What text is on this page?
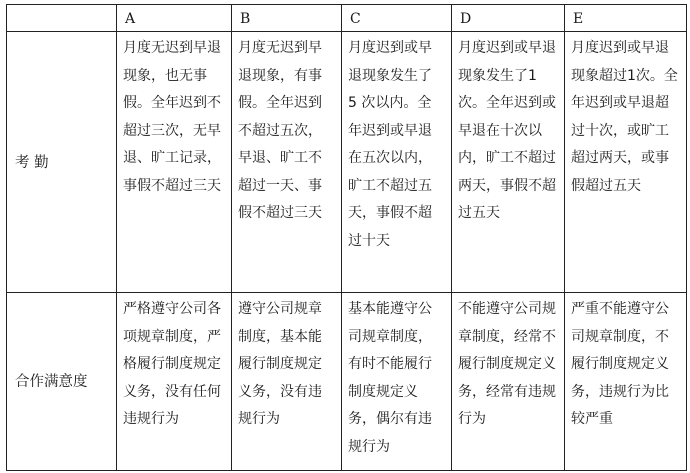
	A	B	C	D	E
考 勤	月度无迟到早退现象，也无事假。全年迟到不超过三次，无早退、旷工记录，事假不超过三天	月度无迟到早退现象，有事假。全年迟到不超过五次，早退、旷工不超过一天、事假不超过三天	月度迟到或早退现象发生了 5 次以内。全年迟到或早退在五次以内，旷工不超过五天，事假不超过十天	月度迟到或早退现象发生了1次。全年迟到或早退在十次以内，旷工不超过两天，事假不超过五天	月度迟到或早退现象超过1次。全年迟到或早退超过十次，或旷工超过两天，或事假超过五天
合作满意度	严格遵守公司各项规章制度，严格履行制度规定义务，没有任何违规行为	遵守公司规章制度，基本能履行制度规定义务，没有违规行为	基本能遵守公司规章制度，有时不能履行制度规定义务，偶尔有违规行为	不能遵守公司规章制度，经常不履行制度规定义务，经常有违规行为	严重不能遵守公司规章制度，不履行制度规定义务，违规行为比较严重
